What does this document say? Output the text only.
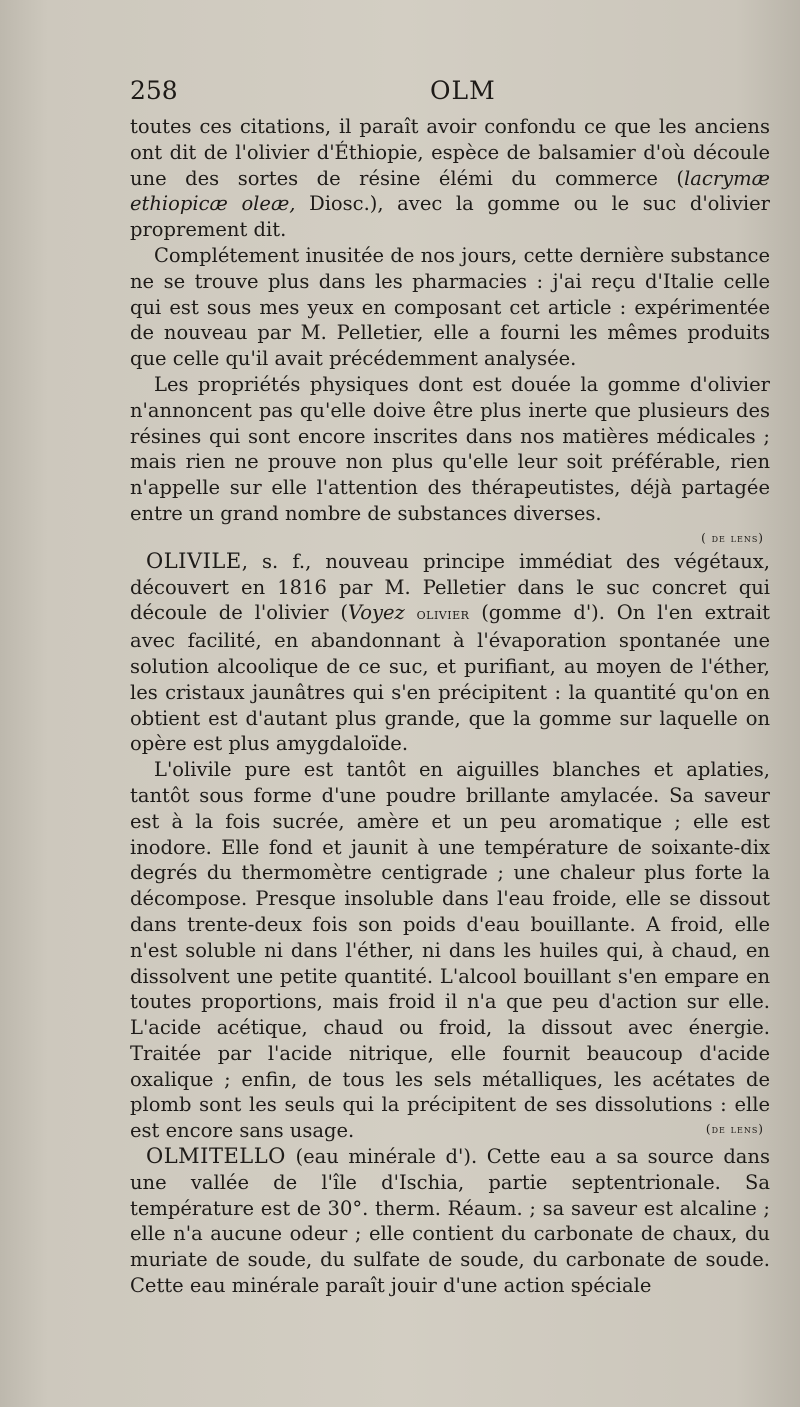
258	OLM

toutes ces citations, il paraît avoir confondu ce que les anciens ont dit de l'olivier d'Éthiopie, espèce de balsamier d'où découle une des sortes de résine élémi du commerce (lacrymæ ethiopicæ oleæ, Diosc.), avec la gomme ou le suc d'olivier proprement dit.

Complétement inusitée de nos jours, cette dernière substance ne se trouve plus dans les pharmacies : j'ai reçu d'Italie celle qui est sous mes yeux en composant cet article : expérimentée de nouveau par M. Pelletier, elle a fourni les mêmes produits que celle qu'il avait précédemment analysée.

Les propriétés physiques dont est douée la gomme d'olivier n'annoncent pas qu'elle doive être plus inerte que plusieurs des résines qui sont encore inscrites dans nos matières médicales ; mais rien ne prouve non plus qu'elle leur soit préférable, rien n'appelle sur elle l'attention des thérapeutistes, déjà partagée entre un grand nombre de substances diverses.

( de lens)

OLIVILE, s. f., nouveau principe immédiat des végétaux, découvert en 1816 par M. Pelletier dans le suc concret qui découle de l'olivier (Voyez olivier (gomme d'). On l'en extrait avec facilité, en abandonnant à l'évaporation spontanée une solution alcoolique de ce suc, et purifiant, au moyen de l'éther, les cristaux jaunâtres qui s'en précipitent : la quantité qu'on en obtient est d'autant plus grande, que la gomme sur laquelle on opère est plus amygdaloïde.

L'olivile pure est tantôt en aiguilles blanches et aplaties, tantôt sous forme d'une poudre brillante amylacée. Sa saveur est à la fois sucrée, amère et un peu aromatique ; elle est inodore. Elle fond et jaunit à une température de soixante-dix degrés du thermomètre centigrade ; une chaleur plus forte la décompose. Presque insoluble dans l'eau froide, elle se dissout dans trente-deux fois son poids d'eau bouillante. A froid, elle n'est soluble ni dans l'éther, ni dans les huiles qui, à chaud, en dissolvent une petite quantité. L'alcool bouillant s'en empare en toutes proportions, mais froid il n'a que peu d'action sur elle. L'acide acétique, chaud ou froid, la dissout avec énergie. Traitée par l'acide nitrique, elle fournit beaucoup d'acide oxalique ; enfin, de tous les sels métalliques, les acétates de plomb sont les seuls qui la précipitent de ses dissolutions : elle est encore sans usage.	(de lens)

OLMITELLO (eau minérale d'). Cette eau a sa source dans une vallée de l'île d'Ischia, partie septentrionale. Sa température est de 30°. therm. Réaum. ; sa saveur est alcaline ; elle n'a aucune odeur ; elle contient du carbonate de chaux, du muriate de soude, du sulfate de soude, du carbonate de soude. Cette eau minérale paraît jouir d'une action spéciale
